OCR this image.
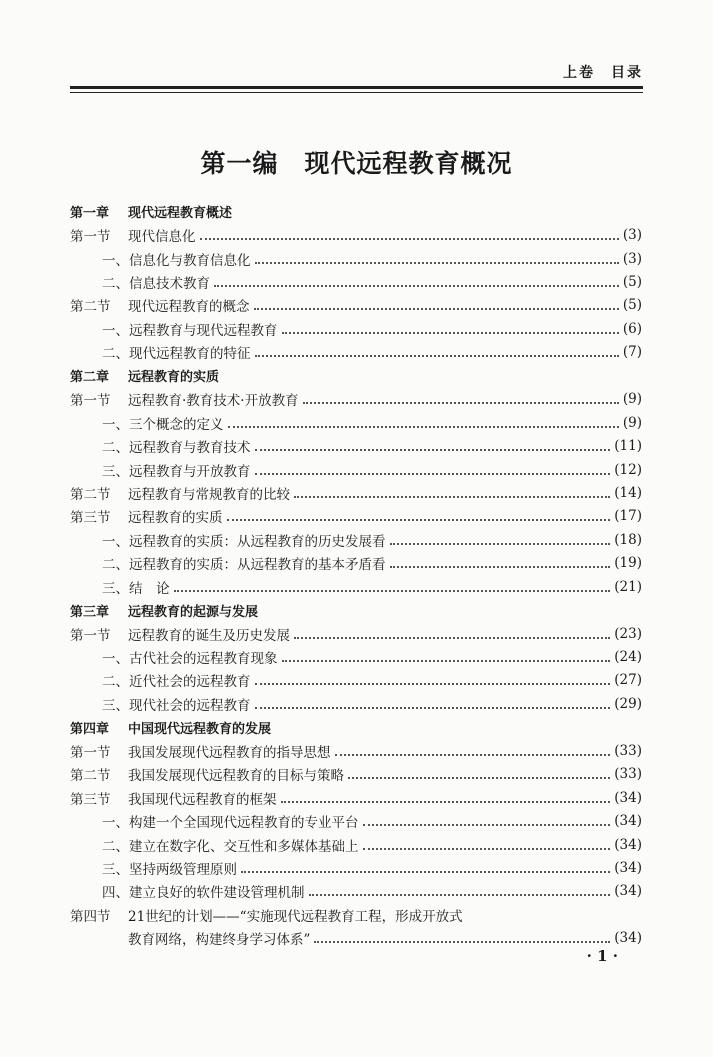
上卷　目录
第一编　现代远程教育概况
第一章	现代远程教育概述
第一节	现代信息化	(3)
一、 信息化与教育信息化	(3)
二、 信息技术教育	(5)
第二节	现代远程教育的概念	(5)
一、 远程教育与现代远程教育	(6)
二、 现代远程教育的特征	(7)
第二章	远程教育的实质
第一节	远程教育·教育技术·开放教育	(9)
一、 三个概念的定义	(9)
二、 远程教育与教育技术	(11)
三、 远程教育与开放教育	(12)
第二节	远程教育与常规教育的比较	(14)
第三节	远程教育的实质	(17)
一、 远程教育的实质：从远程教育的历史发展看	(18)
二、 远程教育的实质：从远程教育的基本矛盾看	(19)
三、 结　论	(21)
第三章	远程教育的起源与发展
第一节	远程教育的诞生及历史发展	(23)
一、 古代社会的远程教育现象	(24)
二、 近代社会的远程教育	(27)
三、 现代社会的远程教育	(29)
第四章	中国现代远程教育的发展
第一节	我国发展现代远程教育的指导思想	(33)
第二节	我国发展现代远程教育的目标与策略	(33)
第三节	我国现代远程教育的框架	(34)
一、 构建一个全国现代远程教育的专业平台	(34)
二、 建立在数字化、交互性和多媒体基础上	(34)
三、 坚持两级管理原则	(34)
四、 建立良好的软件建设管理机制	(34)
第四节	21世纪的计划——“实施现代远程教育工程，形成开放式
教育网络，构建终身学习体系”	(34)
· 1 ·
